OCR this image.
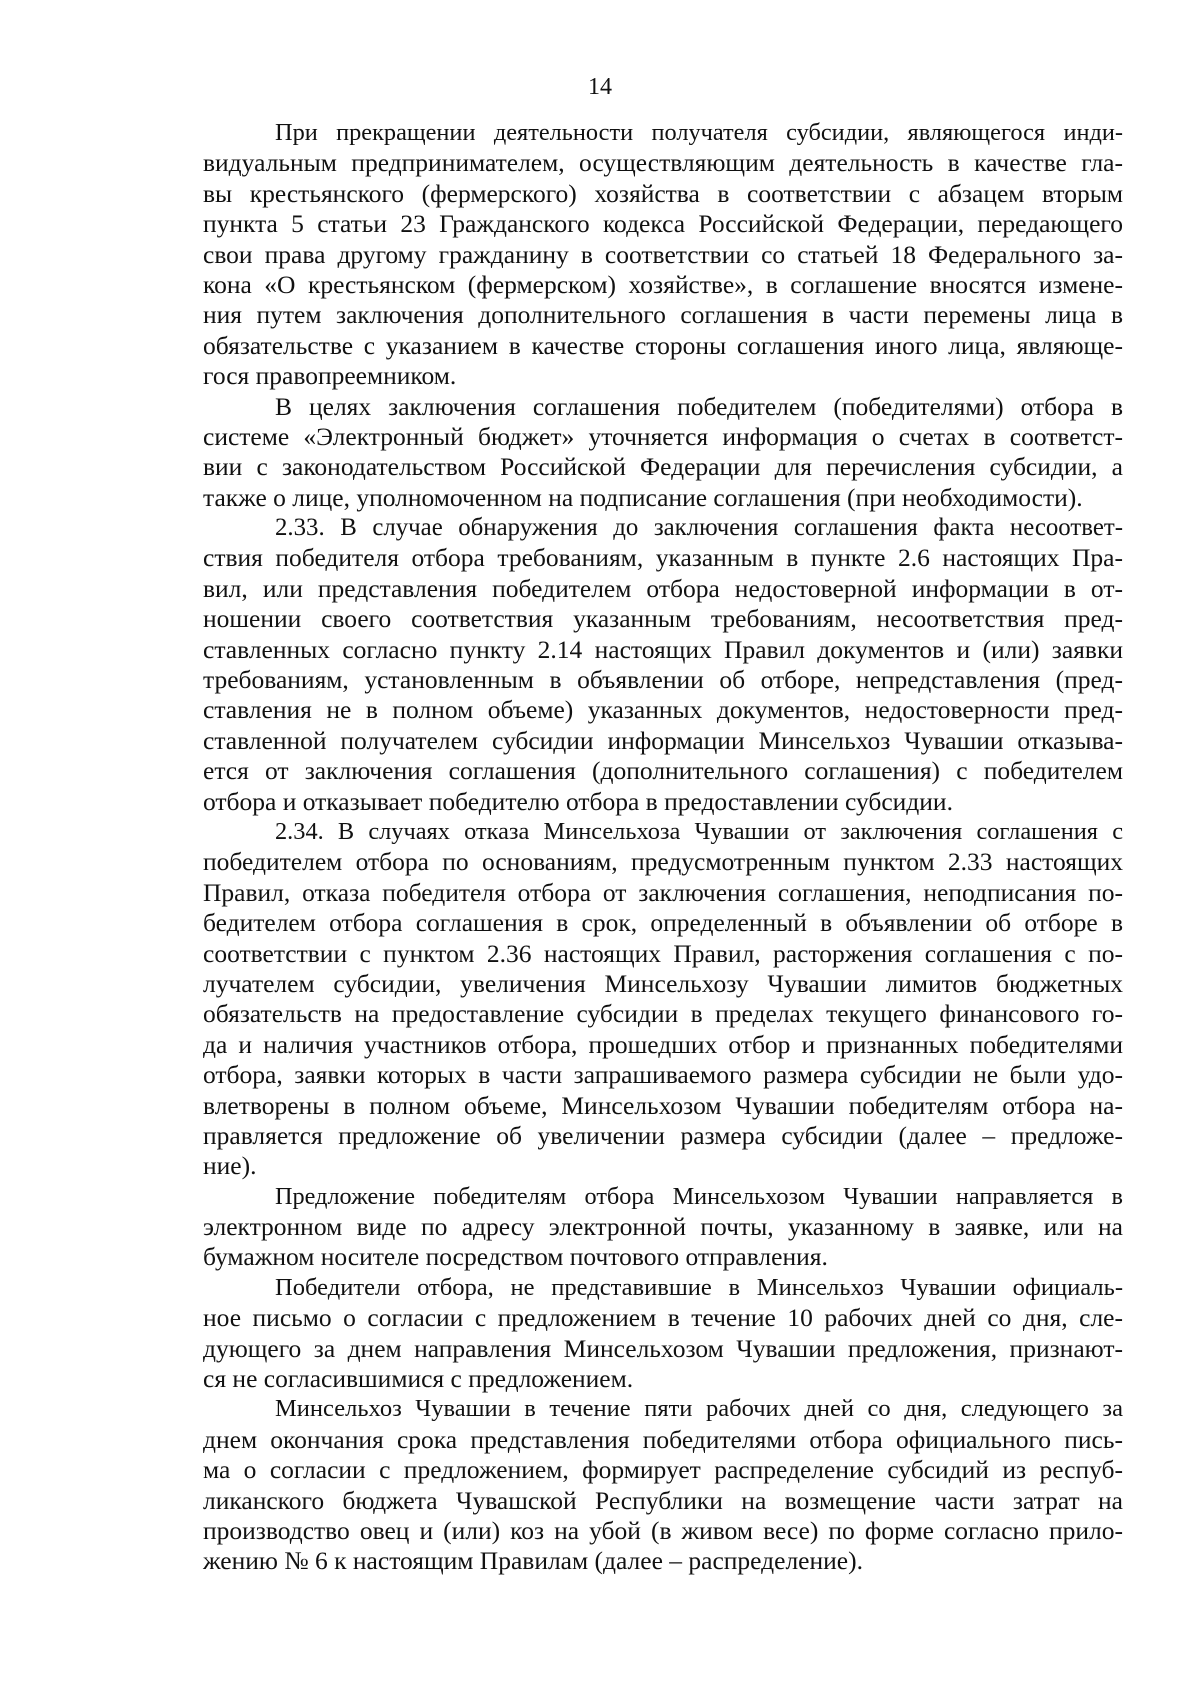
14
При прекращении деятельности получателя субсидии, являющегося инди-
видуальным предпринимателем, осуществляющим деятельность в качестве гла-
вы крестьянского (фермерского) хозяйства в соответствии с абзацем вторым
пункта 5 статьи 23 Гражданского кодекса Российской Федерации, передающего
свои права другому гражданину в соответствии со статьей 18 Федерального за-
кона «О крестьянском (фермерском) хозяйстве», в соглашение вносятся измене-
ния путем заключения дополнительного соглашения в части перемены лица в
обязательстве с указанием в качестве стороны соглашения иного лица, являюще-
гося правопреемником.
В целях заключения соглашения победителем (победителями) отбора в
системе «Электронный бюджет» уточняется информация о счетах в соответст-
вии с законодательством Российской Федерации для перечисления субсидии, а
также о лице, уполномоченном на подписание соглашения (при необходимости).
2.33. В случае обнаружения до заключения соглашения факта несоответ-
ствия победителя отбора требованиям, указанным в пункте 2.6 настоящих Пра-
вил, или представления победителем отбора недостоверной информации в от-
ношении своего соответствия указанным требованиям, несоответствия пред-
ставленных согласно пункту 2.14 настоящих Правил документов и (или) заявки
требованиям, установленным в объявлении об отборе, непредставления (пред-
ставления не в полном объеме) указанных документов, недостоверности пред-
ставленной получателем субсидии информации Минсельхоз Чувашии отказыва-
ется от заключения соглашения (дополнительного соглашения) с победителем
отбора и отказывает победителю отбора в предоставлении субсидии.
2.34. В случаях отказа Минсельхоза Чувашии от заключения соглашения с
победителем отбора по основаниям, предусмотренным пунктом 2.33 настоящих
Правил, отказа победителя отбора от заключения соглашения, неподписания по-
бедителем отбора соглашения в срок, определенный в объявлении об отборе в
соответствии с пунктом 2.36 настоящих Правил, расторжения соглашения с по-
лучателем субсидии, увеличения Минсельхозу Чувашии лимитов бюджетных
обязательств на предоставление субсидии в пределах текущего финансового го-
да и наличия участников отбора, прошедших отбор и признанных победителями
отбора, заявки которых в части запрашиваемого размера субсидии не были удо-
влетворены в полном объеме, Минсельхозом Чувашии победителям отбора на-
правляется предложение об увеличении размера субсидии (далее – предложе-
ние).
Предложение победителям отбора Минсельхозом Чувашии направляется в
электронном виде по адресу электронной почты, указанному в заявке, или на
бумажном носителе посредством почтового отправления.
Победители отбора, не представившие в Минсельхоз Чувашии официаль-
ное письмо о согласии с предложением в течение 10 рабочих дней со дня, сле-
дующего за днем направления Минсельхозом Чувашии предложения, признают-
ся не согласившимися с предложением.
Минсельхоз Чувашии в течение пяти рабочих дней со дня, следующего за
днем окончания срока представления победителями отбора официального пись-
ма о согласии с предложением, формирует распределение субсидий из респуб-
ликанского бюджета Чувашской Республики на возмещение части затрат на
производство овец и (или) коз на убой (в живом весе) по форме согласно прило-
жению № 6 к настоящим Правилам (далее – распределение).
